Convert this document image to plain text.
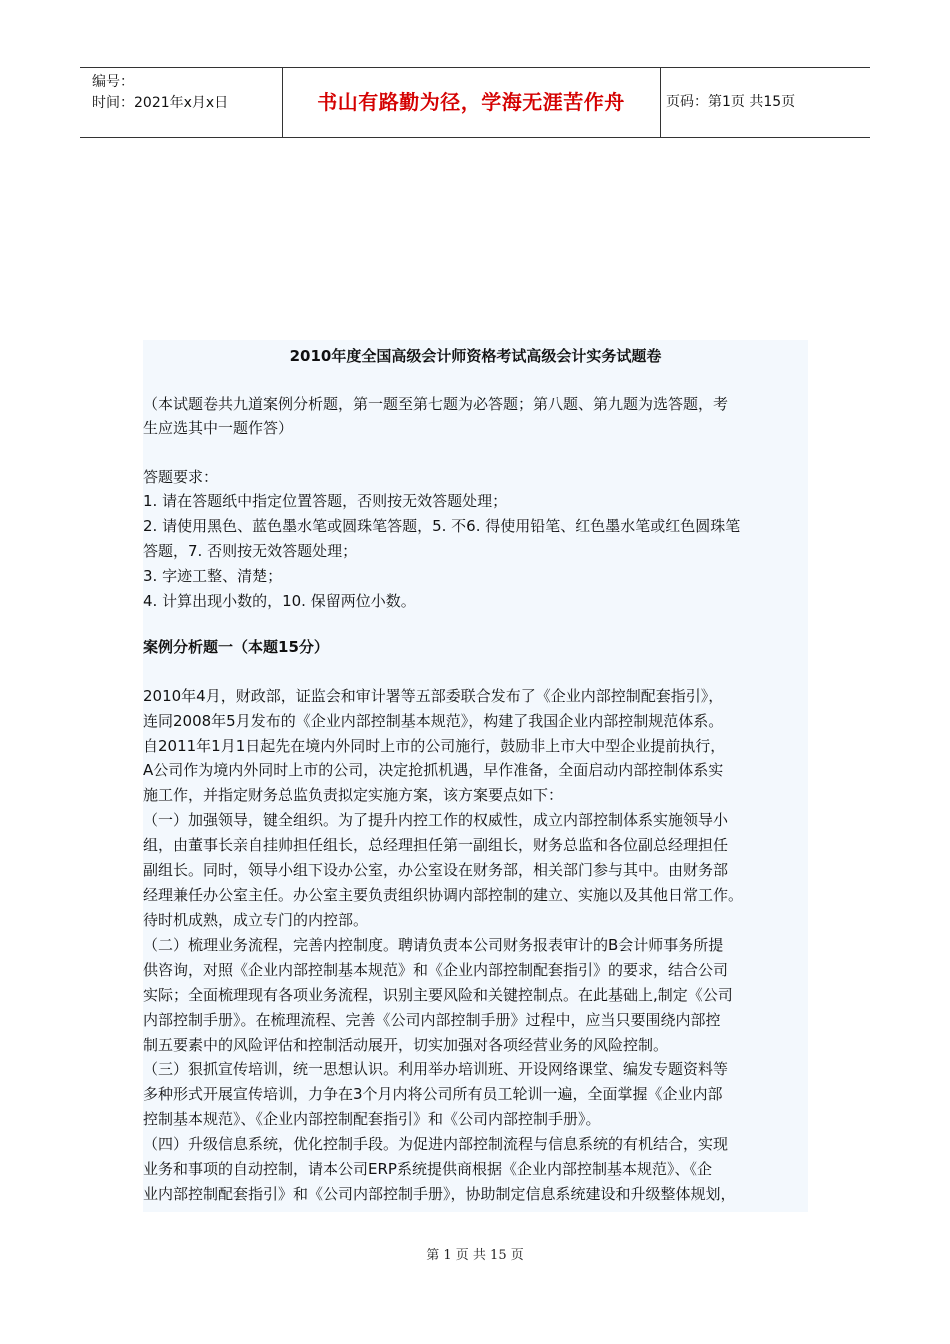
编号：
时间：2021年x月x日	书山有路勤为径，学海无涯苦作舟	页码：第1页 共15页
2010年度全国高级会计师资格考试高级会计实务试题卷
（本试题卷共九道案例分析题，第一题至第七题为必答题；第八题、第九题为选答题，考
生应选其中一题作答）
答题要求：
1. 请在答题纸中指定位置答题，否则按无效答题处理；
2. 请使用黑色、蓝色墨水笔或圆珠笔答题，5. 不6. 得使用铅笔、红色墨水笔或红色圆珠笔
答题，7. 否则按无效答题处理；
3. 字迹工整、清楚；
4. 计算出现小数的，10. 保留两位小数。
案例分析题一（本题15分）
2010年4月，财政部，证监会和审计署等五部委联合发布了《企业内部控制配套指引》，
连同2008年5月发布的《企业内部控制基本规范》，构建了我国企业内部控制规范体系。
自2011年1月1日起先在境内外同时上市的公司施行，鼓励非上市大中型企业提前执行，
A公司作为境内外同时上市的公司，决定抢抓机遇，早作准备，全面启动内部控制体系实
施工作，并指定财务总监负责拟定实施方案，该方案要点如下：
（一）加强领导，键全组织。为了提升内控工作的权威性，成立内部控制体系实施领导小
组，由董事长亲自挂帅担任组长，总经理担任第一副组长，财务总监和各位副总经理担任
副组长。同时，领导小组下设办公室，办公室设在财务部，相关部门参与其中。由财务部
经理兼任办公室主任。办公室主要负责组织协调内部控制的建立、实施以及其他日常工作。
待时机成熟，成立专门的内控部。
（二）梳理业务流程，完善内控制度。聘请负责本公司财务报表审计的B会计师事务所提
供咨询，对照《企业内部控制基本规范》和《企业内部控制配套指引》的要求，结合公司
实际；全面梳理现有各项业务流程，识别主要风险和关键控制点。在此基础上,制定《公司
内部控制手册》。在梳理流程、完善《公司内部控制手册》过程中，应当只要围绕内部控
制五要素中的风险评估和控制活动展开，切实加强对各项经营业务的风险控制。
（三）狠抓宣传培训，统一思想认识。利用举办培训班、开设网络课堂、编发专题资料等
多种形式开展宣传培训，力争在3个月内将公司所有员工轮训一遍，全面掌握《企业内部
控制基本规范》、《企业内部控制配套指引》和《公司内部控制手册》。
（四）升级信息系统，优化控制手段。为促进内部控制流程与信息系统的有机结合，实现
业务和事项的自动控制，请本公司ERP系统提供商根据《企业内部控制基本规范》、《企
业内部控制配套指引》和《公司内部控制手册》，协助制定信息系统建设和升级整体规划，
第 1 页 共 15 页
